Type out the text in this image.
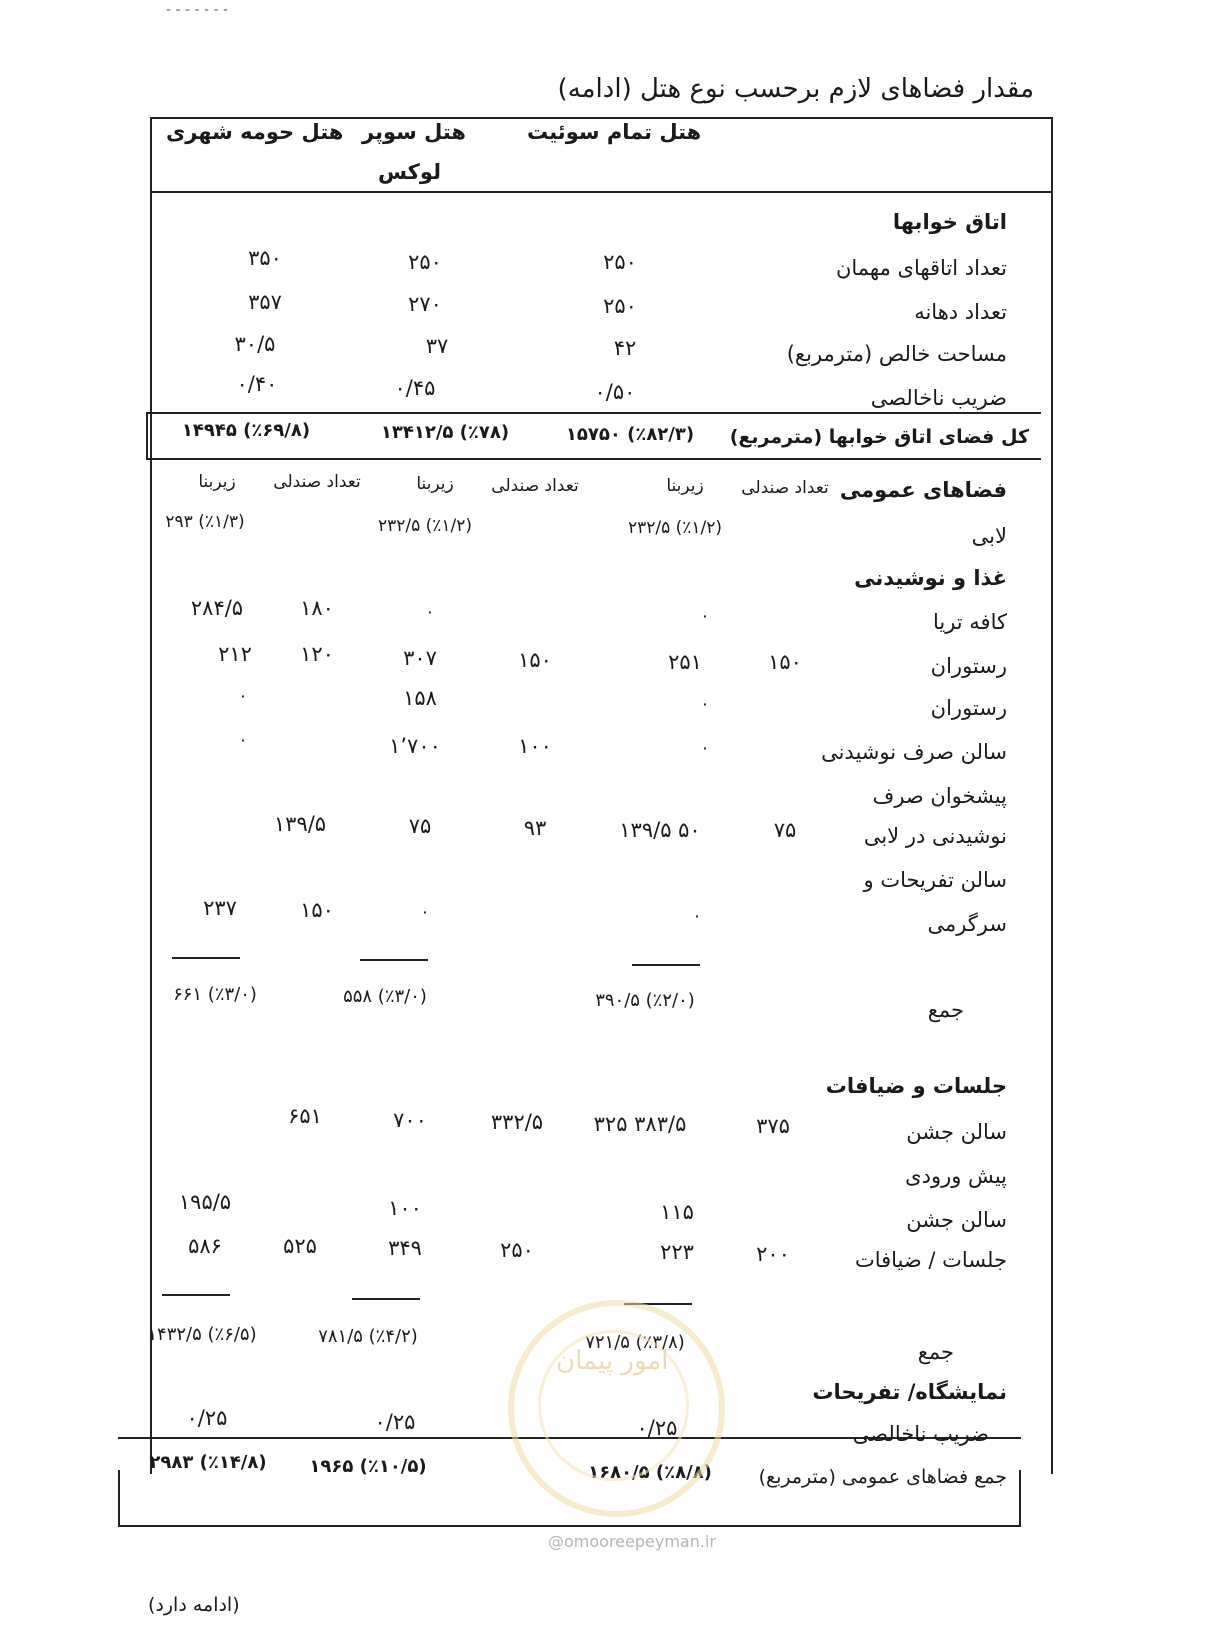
- - - - - - -
مقدار فضاهای لازم برحسب نوع هتل (ادامه)
هتل تمام سوئیت
هتل سوپر
لوکس
هتل حومه شهری
اتاق خوابها
تعداد اتاقهای مهمان
۲۵۰
۲۵۰
۳۵۰
تعداد دهانه
۲۵۰
۲۷۰
۳۵۷
مساحت خالص (مترمربع)
۴۲
۳۷
۳۰/۵
ضریب ناخالصی
۰/۵۰
۰/۴۵
۰/۴۰
کل فضای اتاق خوابها (مترمربع)
۱۵۷۵۰ (٪۸۲/۳)
۱۳۴۱۲/۵ (٪۷۸)
۱۴۹۴۵ (٪۶۹/۸)
فضاهای عمومی
تعداد صندلی
زیربنا
تعداد صندلی
زیربنا
تعداد صندلی
زیربنا
لابی
۲۳۲/۵ (٪۱/۲)
۲۳۲/۵ (٪۱/۲)
۲۹۳ (٪۱/۳)
غذا و نوشیدنی
کافه تریا
۰
۰
۱۸۰
۲۸۴/۵
رستوران
۱۵۰
۲۵۱
۱۵۰
۳۰۷
۱۲۰
۲۱۲
رستوران
۰
۱۵۸
۰
سالن صرف نوشیدنی
۰
۱۰۰
۱٬۷۰۰
۰
پیشخوان صرف
نوشیدنی در لابی
۷۵
۱۳۹/۵ ۵۰
۹۳
۷۵
۱۳۹/۵
سالن تفریحات و
سرگرمی
۰
۰
۱۵۰
۲۳۷
جمع
۳۹۰/۵ (٪۲/۰)
۵۵۸ (٪۳/۰)
۶۶۱ (٪۳/۰)
جلسات و ضیافات
سالن جشن
۳۷۵
۳۲۵ ۳۸۳/۵
۳۳۲/۵
۷۰۰
۶۵۱
پیش ورودی
سالن جشن
۱۱۵
۱۰۰
۱۹۵/۵
جلسات / ضیافات
۲۰۰
۲۲۳
۲۵۰
۳۴۹
۵۲۵
۵۸۶
جمع
۷۲۱/۵ (٪۳/۸)
۷۸۱/۵ (٪۴/۲)
۱۴۳۲/۵ (٪۶/۵)
نمایشگاه/ تفریحات
ضریب ناخالصی
۰/۲۵
۰/۲۵
۰/۲۵
جمع فضاهای عمومی (مترمربع)
۱۶۸۰/۵ (٪۸/۸)
۱۹۶۵ (٪۱۰/۵)
۲۹۸۳ (٪۱۴/۸)
امور پیمان
@omooreepeyman.ir
(ادامه دارد)
